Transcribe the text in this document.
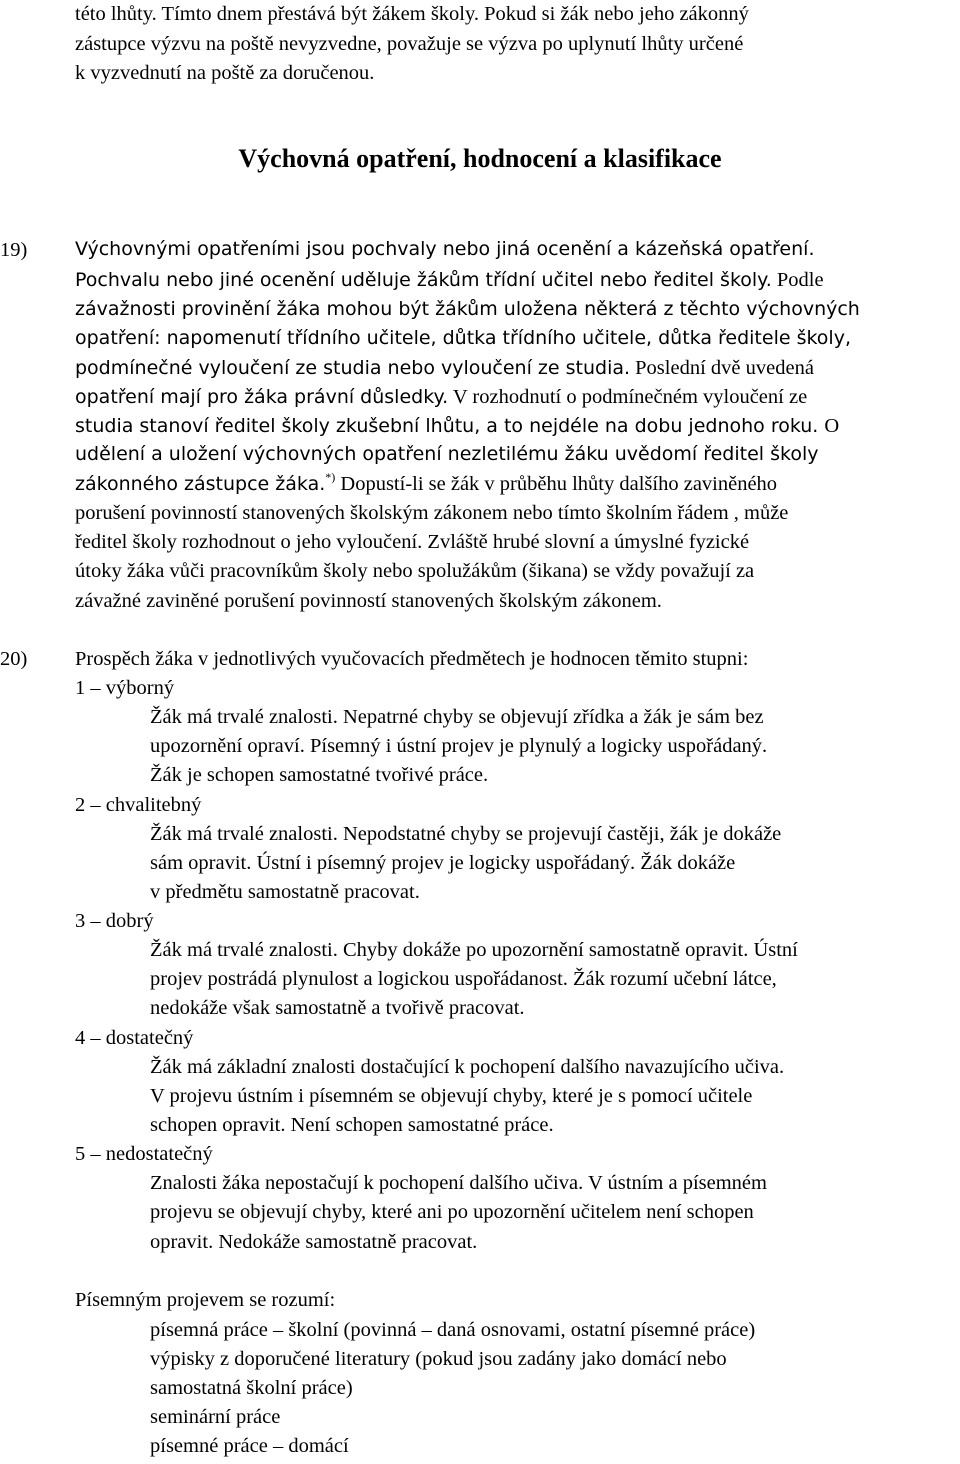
této lhůty. Tímto dnem přestává být žákem školy. Pokud si žák nebo jeho zákonný
zástupce výzvu na poště nevyzvedne, považuje se výzva po uplynutí lhůty určené
k vyzvednutí na poště za doručenou.
Výchovná opatření, hodnocení a klasifikace
19)	Výchovnými opatřeními jsou pochvaly nebo jiná ocenění a kázeňská opatření.
Pochvalu nebo jiné ocenění uděluje žákům třídní učitel nebo ředitel školy. Podle
závažnosti provinění žáka mohou být žákům uložena některá z těchto výchovných
opatření: napomenutí třídního učitele, důtka třídního učitele, důtka ředitele školy,
podmínečné vyloučení ze studia nebo vyloučení ze studia. Poslední dvě uvedená
opatření mají pro žáka právní důsledky. V rozhodnutí o podmínečném vyloučení ze
studia stanoví ředitel školy zkušební lhůtu, a to nejdéle na dobu jednoho roku. O
udělení a uložení výchovných opatření nezletilému žáku uvědomí ředitel školy
zákonného zástupce žáka.*) Dopustí-li se žák v průběhu lhůty dalšího zaviněného
porušení povinností stanovených školským zákonem nebo tímto školním řádem , může
ředitel školy rozhodnout o jeho vyloučení. Zvláště hrubé slovní a úmyslné fyzické
útoky žáka vůči pracovníkům školy nebo spolužákům (šikana) se vždy považují za
závažné zaviněné porušení povinností stanovených školským zákonem.
20) Prospěch žáka v jednotlivých vyučovacích předmětech je hodnocen těmito stupni:
1 – výborný
Žák má trvalé znalosti. Nepatrné chyby se objevují zřídka a žák je sám bez
upozornění opraví. Písemný i ústní projev je plynulý a logicky uspořádaný.
Žák je schopen samostatné tvořivé práce.
2 – chvalitebný
Žák má trvalé znalosti. Nepodstatné chyby se projevují častěji, žák je dokáže
sám opravit. Ústní i písemný projev je logicky uspořádaný. Žák dokáže
v předmětu samostatně pracovat.
3 – dobrý
Žák má trvalé znalosti. Chyby dokáže po upozornění samostatně opravit. Ústní
projev postrádá plynulost a logickou uspořádanost. Žák rozumí učební látce,
nedokáže však samostatně a tvořivě pracovat.
4 – dostatečný
Žák má základní znalosti dostačující k pochopení dalšího navazujícího učiva.
V projevu ústním i písemném se objevují chyby, které je s pomocí učitele
schopen opravit. Není schopen samostatné práce.
5 – nedostatečný
Znalosti žáka nepostačují k pochopení dalšího učiva. V ústním a písemném
projevu se objevují chyby, které ani po upozornění učitelem není schopen
opravit. Nedokáže samostatně pracovat.
Písemným projevem se rozumí:
písemná práce – školní (povinná – daná osnovami, ostatní písemné práce)
výpisky z doporučené literatury (pokud jsou zadány jako domácí nebo
samostatná školní práce)
seminární práce
písemné práce – domácí
